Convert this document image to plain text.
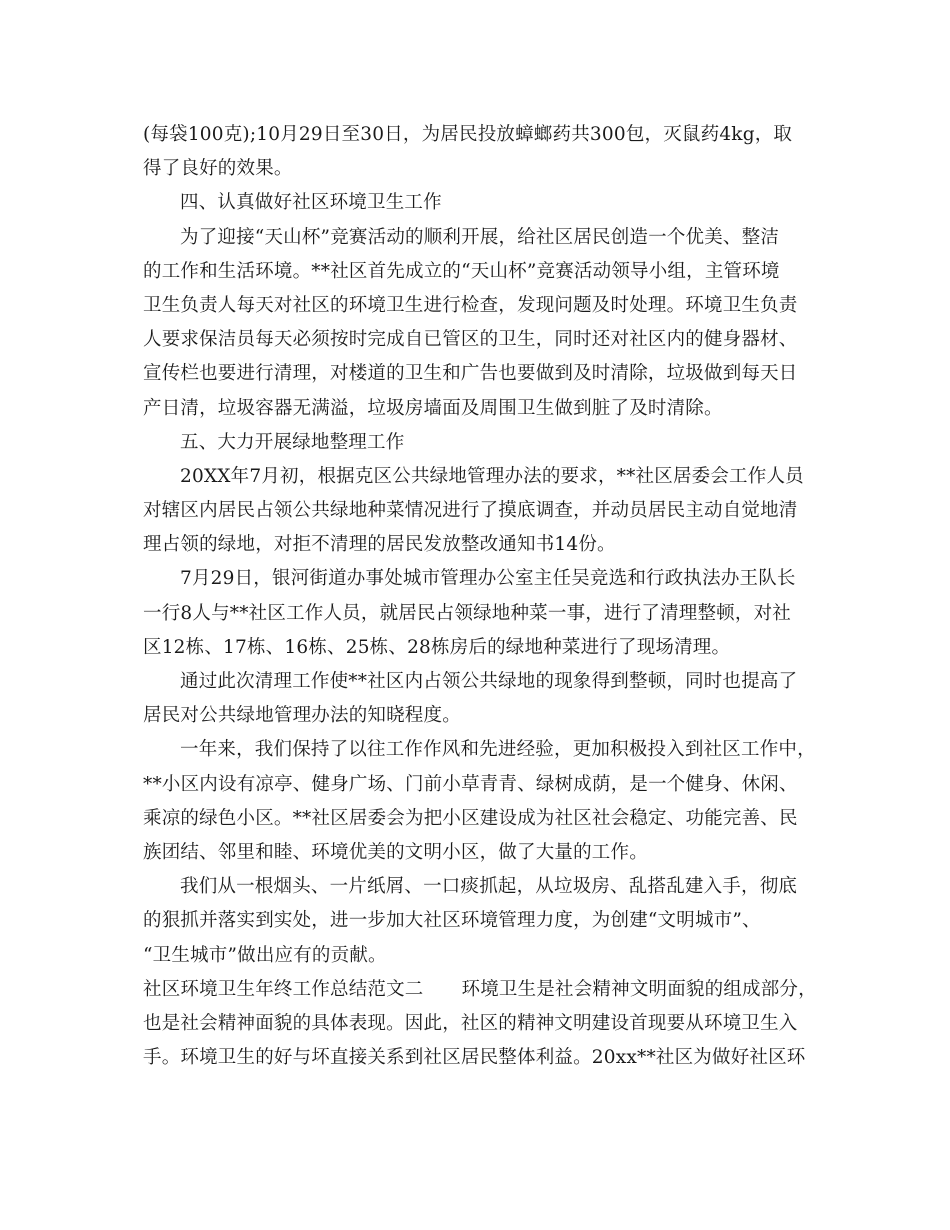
(每袋100克);10月29日至30日，为居民投放蟑螂药共300包，灭鼠药4kg，取
得了良好的效果。
四、认真做好社区环境卫生工作
为了迎接“天山杯”竞赛活动的顺利开展，给社区居民创造一个优美、整洁
的工作和生活环境。**社区首先成立的“天山杯”竞赛活动领导小组，主管环境
卫生负责人每天对社区的环境卫生进行检查，发现问题及时处理。环境卫生负责
人要求保洁员每天必须按时完成自已管区的卫生，同时还对社区内的健身器材、
宣传栏也要进行清理，对楼道的卫生和广告也要做到及时清除，垃圾做到每天日
产日清，垃圾容器无满溢，垃圾房墙面及周围卫生做到脏了及时清除。
五、大力开展绿地整理工作
20XX年7月初，根据克区公共绿地管理办法的要求，**社区居委会工作人员
对辖区内居民占领公共绿地种菜情况进行了摸底调查，并动员居民主动自觉地清
理占领的绿地，对拒不清理的居民发放整改通知书14份。
7月29日，银河街道办事处城市管理办公室主任吴竞选和行政执法办王队长
一行8人与**社区工作人员，就居民占领绿地种菜一事，进行了清理整顿，对社
区12栋、17栋、16栋、25栋、28栋房后的绿地种菜进行了现场清理。
通过此次清理工作使**社区内占领公共绿地的现象得到整顿，同时也提高了
居民对公共绿地管理办法的知晓程度。
一年来，我们保持了以往工作作风和先进经验，更加积极投入到社区工作中，
**小区内设有凉亭、健身广场、门前小草青青、绿树成荫，是一个健身、休闲、
乘凉的绿色小区。**社区居委会为把小区建设成为社区社会稳定、功能完善、民
族团结、邻里和睦、环境优美的文明小区，做了大量的工作。
我们从一根烟头、一片纸屑、一口痰抓起，从垃圾房、乱搭乱建入手，彻底
的狠抓并落实到实处，进一步加大社区环境管理力度，为创建“文明城市”、
“卫生城市”做出应有的贡献。
社区环境卫生年终工作总结范文二 环境卫生是社会精神文明面貌的组成部分，
也是社会精神面貌的具体表现。因此，社区的精神文明建设首现要从环境卫生入
手。环境卫生的好与坏直接关系到社区居民整体利益。20xx**社区为做好社区环
